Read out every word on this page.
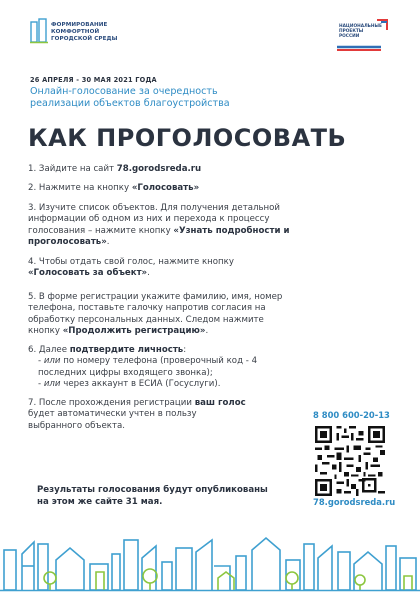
ФОРМИРОВАНИЕ
КОМФОРТНОЙ
ГОРОДСКОЙ СРЕДЫ
НАЦИОНАЛЬНЫЕ
ПРОЕКТЫ
РОССИИ
26 АПРЕЛЯ - 30 МАЯ 2021 ГОДА
Онлайн-голосование за очередность реализации объектов благоустройства
КАК ПРОГОЛОСОВАТЬ
1. Зайдите на сайт 78.gorodsreda.ru
2. Нажмите на кнопку «Голосовать»
3. Изучите список объектов. Для получения детальной информации об одном из них и перехода к процессу голосования – нажмите кнопку «Узнать подробности и проголосовать».
4. Чтобы отдать свой голос, нажмите кнопку «Голосовать за объект».
5. В форме регистрации укажите фамилию, имя, номер телефона, поставьте галочку напротив согласия на обработку персональных данных. Следом нажмите кнопку «Продолжить регистрацию».
6. Далее подтвердите личность:
- или по номеру телефона (проверочный код - 4 последних цифры входящего звонка);
- или через аккаунт в ЕСИА (Госуслуги).
7. После прохождения регистрации ваш голос будет автоматически учтен в пользу выбранного объекта.
8 800 600-20-13
78.gorodsreda.ru
Результаты голосования будут опубликованы на этом же сайте 31 мая.
